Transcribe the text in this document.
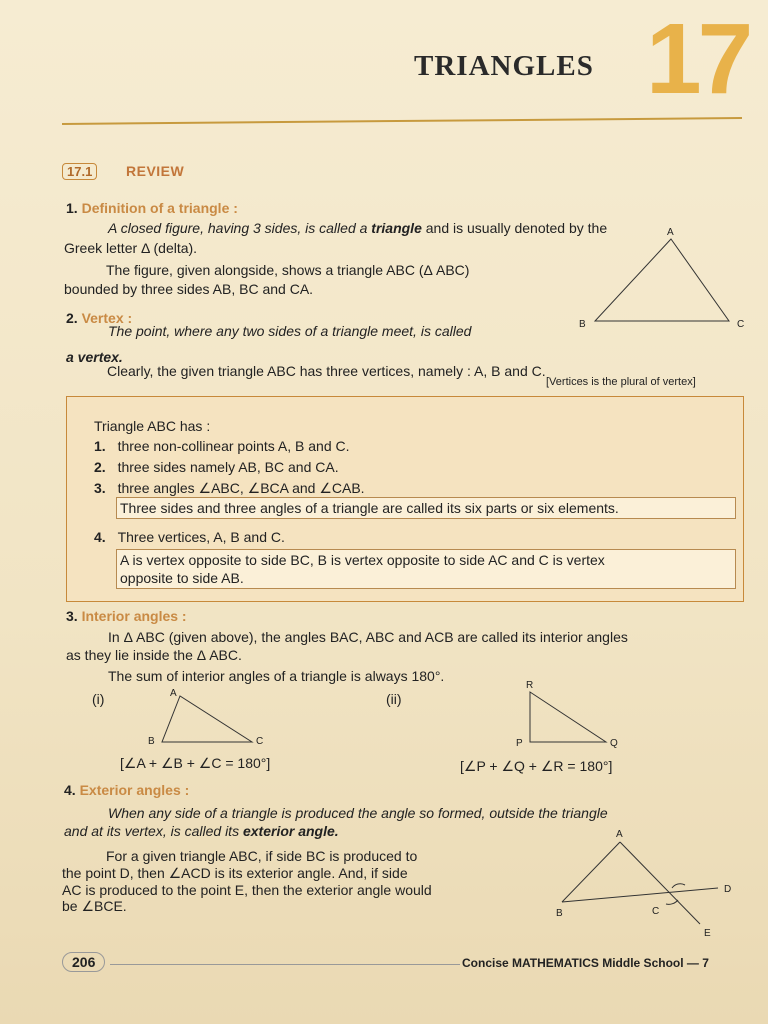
TRIANGLES 17
17.1	REVIEW
1. Definition of a triangle :
A closed figure, having 3 sides, is called a triangle and is usually denoted by the
Greek letter Δ (delta).
The figure, given alongside, shows a triangle ABC (Δ ABC)
bounded by three sides AB, BC and CA.
A
B	C
2. Vertex :
The point, where any two sides of a triangle meet, is called
a vertex.
Clearly, the given triangle ABC has three vertices, namely : A, B and C.
[Vertices is the plural of vertex]
Triangle ABC has :
1. three non-collinear points A, B and C.
2. three sides namely AB, BC and CA.
3. three angles ∠ABC, ∠BCA and ∠CAB.
Three sides and three angles of a triangle are called its six parts or six elements.
4. Three vertices, A, B and C.
A is vertex opposite to side BC, B is vertex opposite to side AC and C is vertex
opposite to side AB.
3. Interior angles :
In Δ ABC (given above), the angles BAC, ABC and ACB are called its interior angles
as they lie inside the Δ ABC.
The sum of interior angles of a triangle is always 180°.
(i)	A
B	C
[∠A + ∠B + ∠C = 180°]
(ii)
R
P	Q
[∠P + ∠Q + ∠R = 180°]
4. Exterior angles :
When any side of a triangle is produced the angle so formed, outside the triangle
and at its vertex, is called its exterior angle.
For a given triangle ABC, if side BC is produced to
the point D, then ∠ACD is its exterior angle. And, if side
AC is produced to the point E, then the exterior angle would
be ∠BCE.
A
B	C
D
E
206	Concise MATHEMATICS Middle School — 7
